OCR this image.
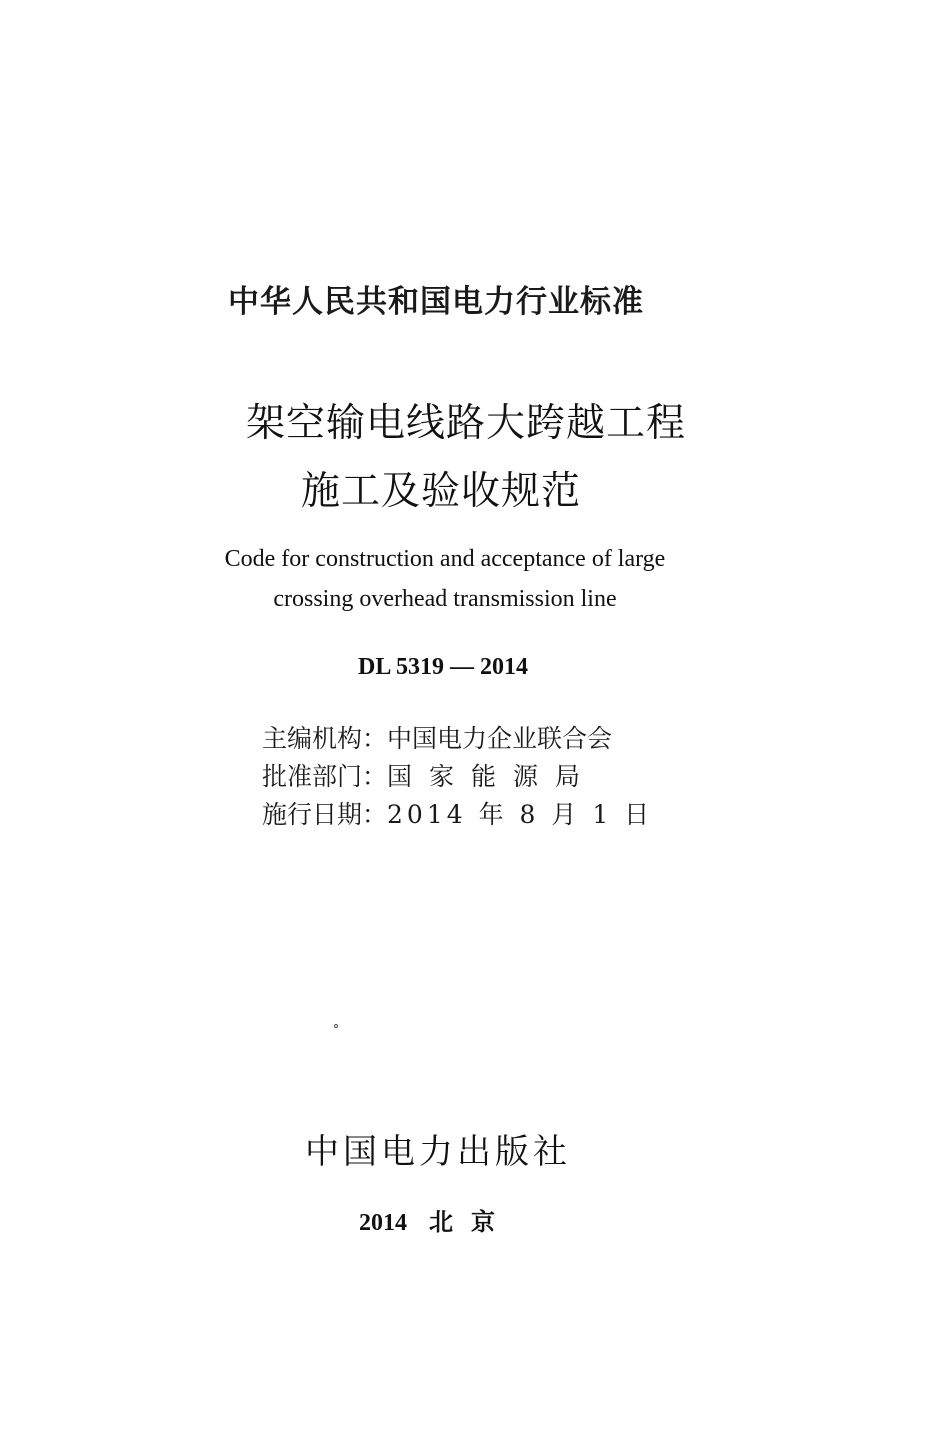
中华人民共和国电力行业标准
架空输电线路大跨越工程
施工及验收规范
Code for construction and acceptance of large
crossing overhead transmission line
DL 5319 — 2014
主编机构：中国电力企业联合会
批准部门：国家能源局
施行日期：2014 年 8 月 1 日
中国电力出版社
2014 北京
